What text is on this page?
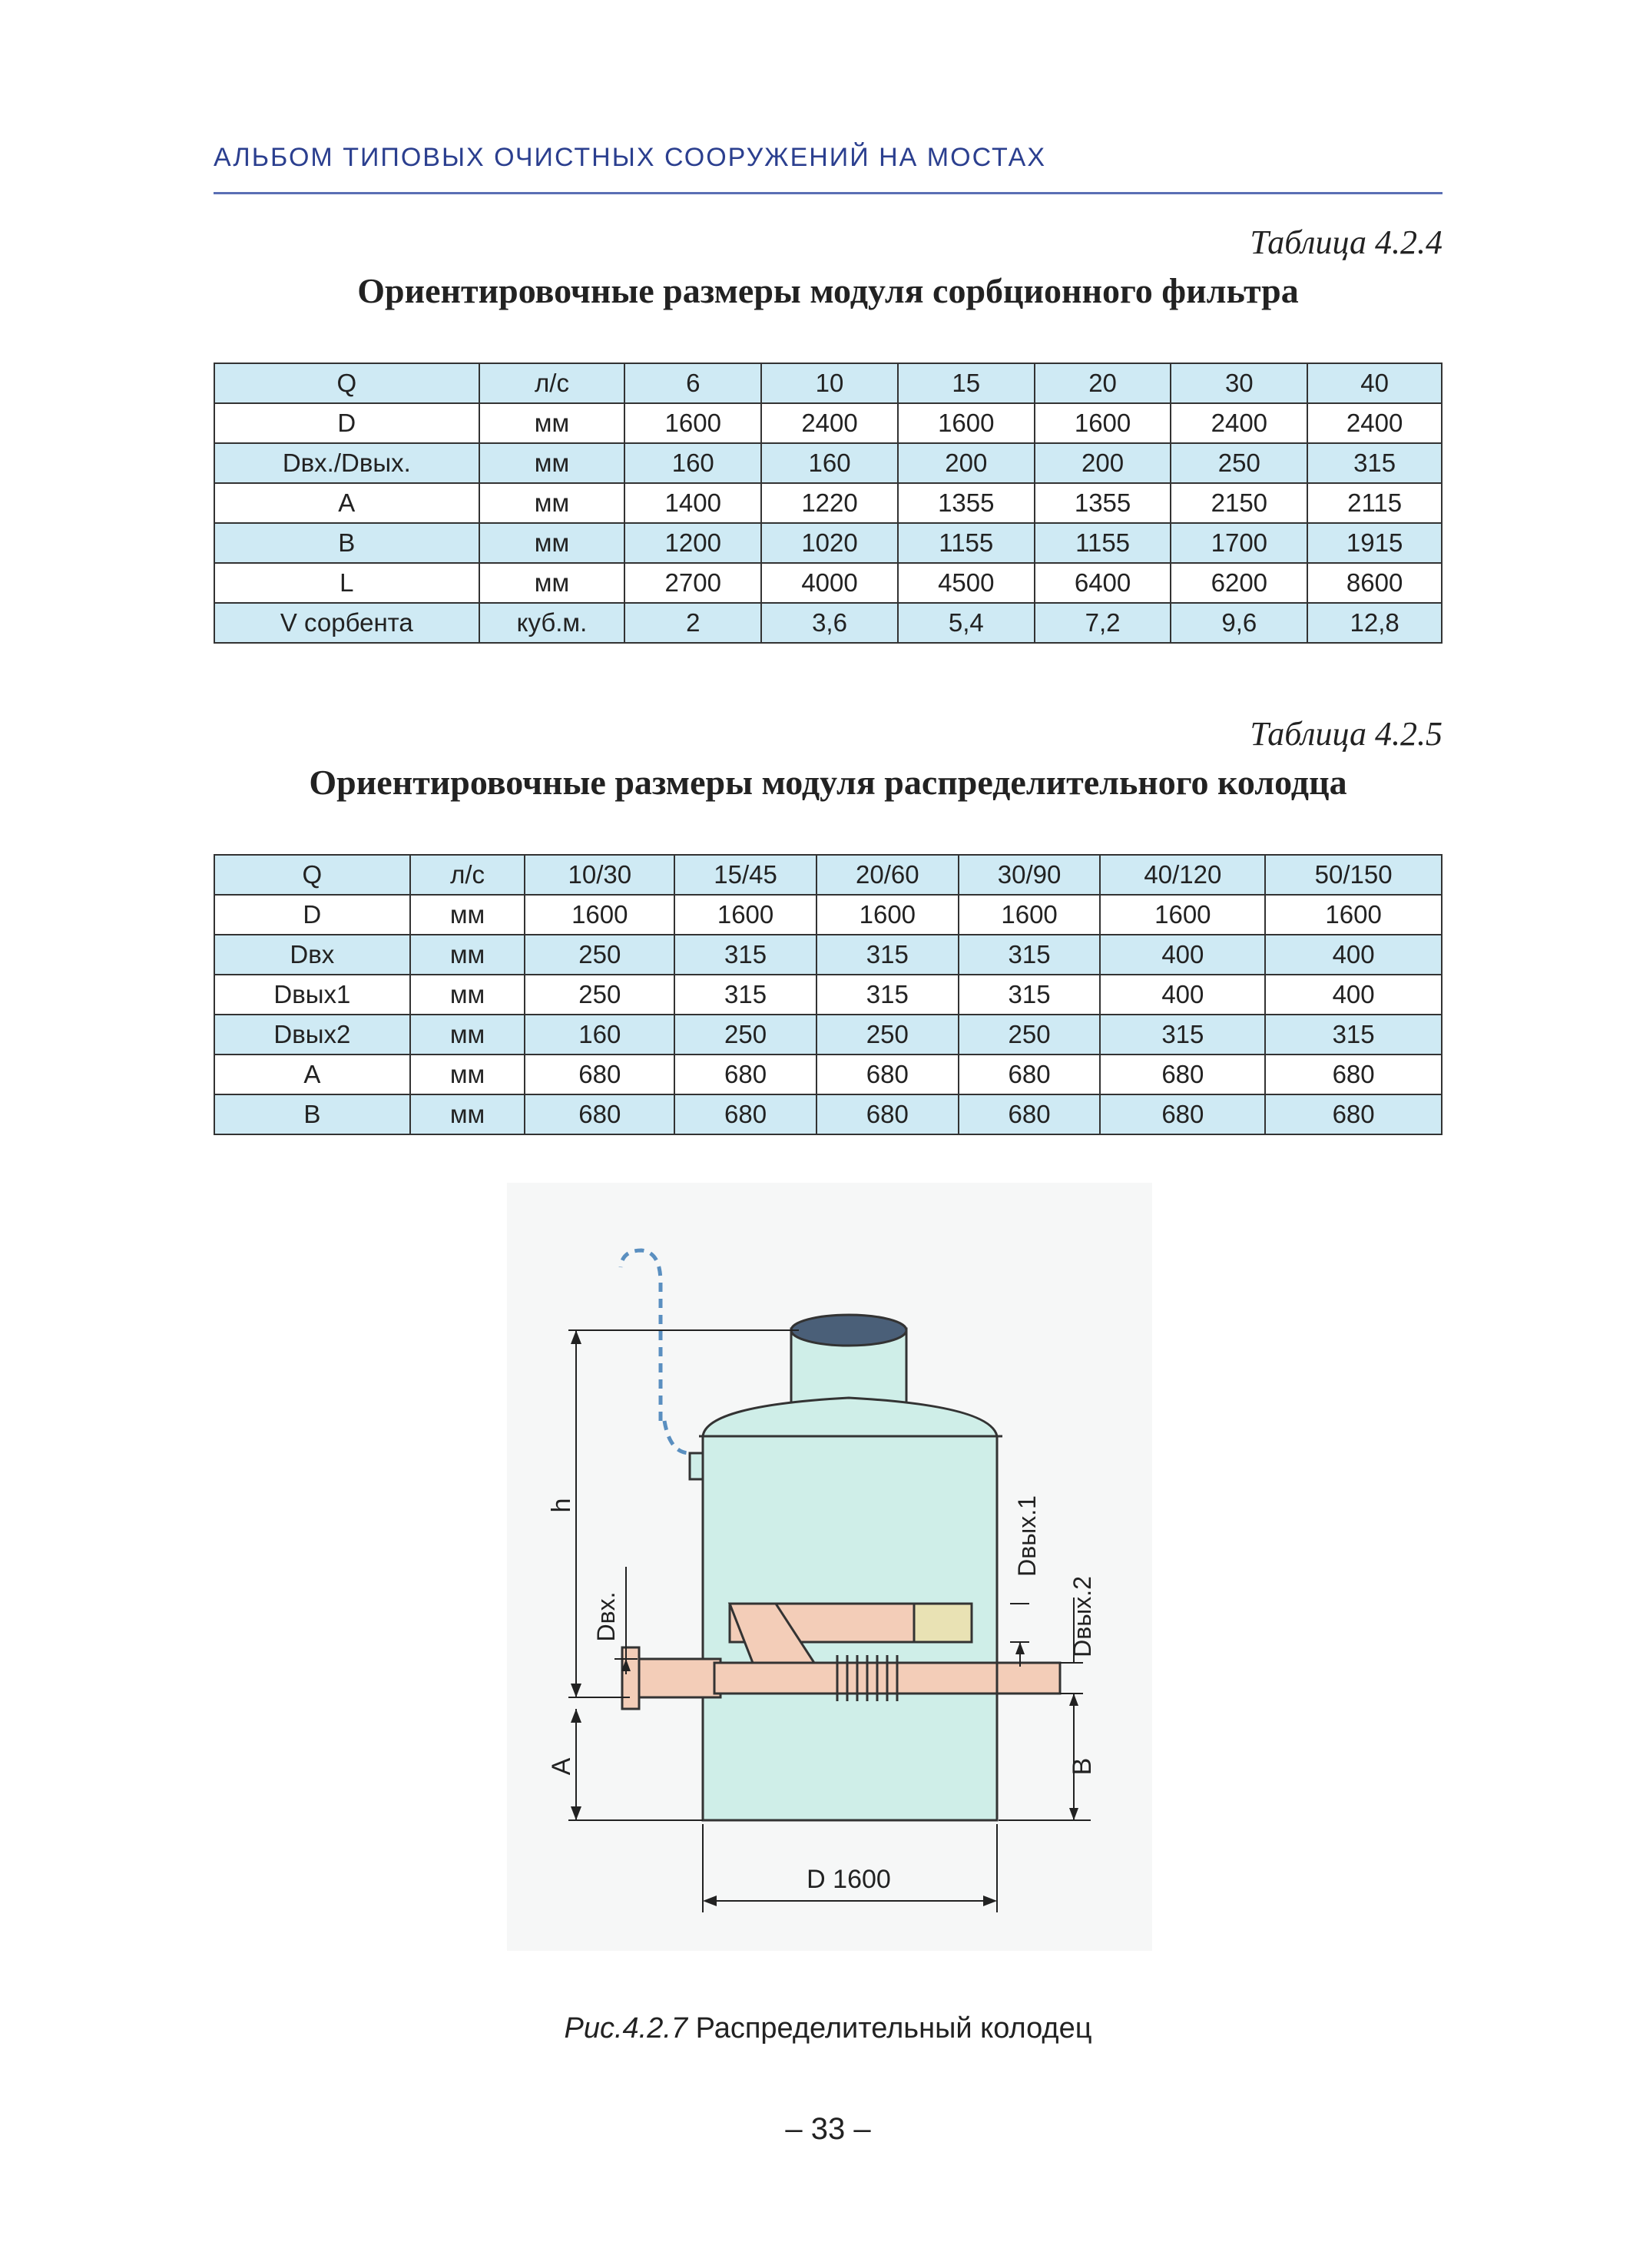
АЛЬБОМ ТИПОВЫХ ОЧИСТНЫХ СООРУЖЕНИЙ НА МОСТАХ
Таблица 4.2.4
Ориентировочные размеры модуля сорбционного фильтра
Q	л/с	6	10	15	20	30	40
D	мм	1600	2400	1600	1600	2400	2400
Dвх./Dвых.	мм	160	160	200	200	250	315
A	мм	1400	1220	1355	1355	2150	2115
B	мм	1200	1020	1155	1155	1700	1915
L	мм	2700	4000	4500	6400	6200	8600
V сорбента	куб.м.	2	3,6	5,4	7,2	9,6	12,8
Таблица 4.2.5
Ориентировочные размеры модуля распределительного колодца
Q	л/с	10/30	15/45	20/60	30/90	40/120	50/150
D	мм	1600	1600	1600	1600	1600	1600
Dвх	мм	250	315	315	315	400	400
Dвых1	мм	250	315	315	315	400	400
Dвых2	мм	160	250	250	250	315	315
A	мм	680	680	680	680	680	680
B	мм	680	680	680	680	680	680
h
Dвх.
Dвых.1
Dвых.2
A	B
D 1600
Рис.4.2.7 Распределительный колодец
– 33 –
